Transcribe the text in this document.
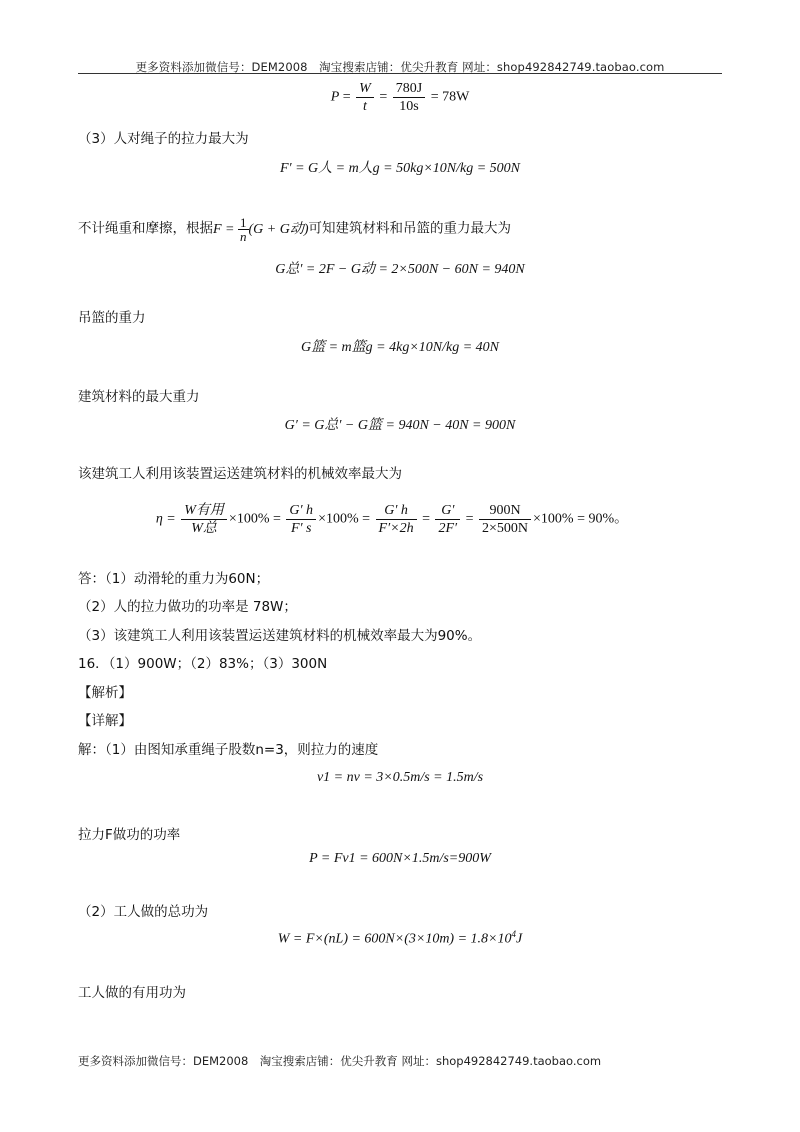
更多资料添加微信号：DEM2008　淘宝搜索店铺：优尖升教育 网址：shop492842749.taobao.com
$P = \frac{W}{t} = \frac{780J}{10s} = 78W$
（3）人对绳子的拉力最大为
F′ = G人 = m人g = 50kg×10N/kg = 500N
不计绳重和摩擦，根据$F = \frac{1}{n} (G + G$动)可知建筑材料和吊篮的重力最大为
G总′ = 2F − G动 = 2×500N − 60N = 940N
吊篮的重力
G篮 = m篮g = 4kg×10N/kg = 40N
建筑材料的最大重力
G′ = G总′ − G篮 = 940N − 40N = 900N
该建筑工人利用该装置运送建筑材料的机械效率最大为
$\eta = \frac{\text{W有用}}{\text{W总}} \times 100\% = \frac{G' h}{F' s} \times 100\% = \frac{G' h}{F'\times 2h} = \frac{G'}{2F'} = \frac{900N}{2\times 500N} \times 100\% = 90\%$。
答：（1）动滑轮的重力为60N；
（2）人的拉力做功的功率是 78W；
（3）该建筑工人利用该装置运送建筑材料的机械效率最大为90%。
16．（1）900W；（2）83%；（3）300N
【解析】
【详解】
解：（1）由图知承重绳子股数n=3，则拉力的速度
v1 = nv = 3×0.5m/s = 1.5m/s
拉力F做功的功率
P = Fv1 = 600N×1.5m/s=900W
（2）工人做的总功为
$W = F\times(nL) = 600N\times(3\times 10m) = 1.8\times 10^4J$
工人做的有用功为
更多资料添加微信号：DEM2008　淘宝搜索店铺：优尖升教育 网址：shop492842749.taobao.com
